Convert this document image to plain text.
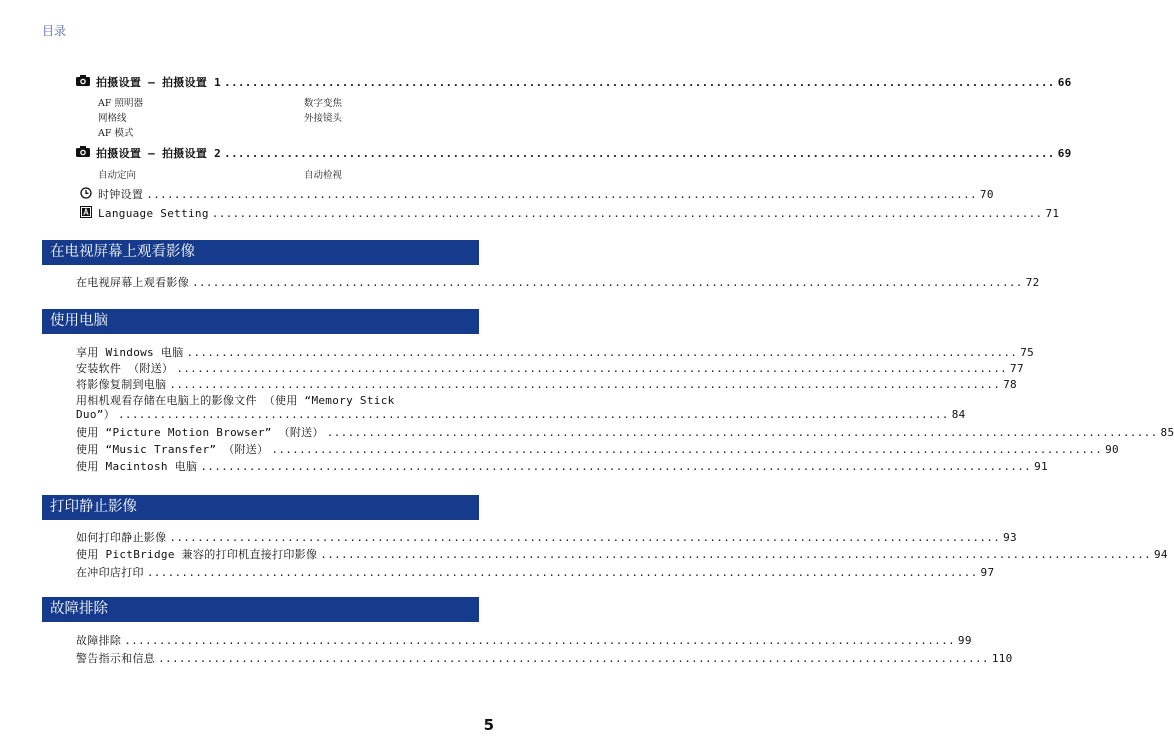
目录
拍摄设置 — 拍摄设置 1 ........................................................................................................................ 66
AF 照明器	数字变焦
网格线	外接镜头
AF 模式
拍摄设置 — 拍摄设置 2 ........................................................................................................................ 69
自动定向	自动检视
时钟设置 ........................................................................................................................ 70
Language Setting ........................................................................................................................ 71
在电视屏幕上观看影像
在电视屏幕上观看影像 ........................................................................................................................ 72
使用电脑
享用 Windows 电脑 ........................................................................................................................ 75
安装软件 （附送） ........................................................................................................................ 77
将影像复制到电脑 ........................................................................................................................ 78
用相机观看存储在电脑上的影像文件 （使用 “Memory Stick
Duo”） ........................................................................................................................ 84
使用 “Picture Motion Browser” （附送） ........................................................................................................................ 85
使用 “Music Transfer” （附送） ........................................................................................................................ 90
使用 Macintosh 电脑 ........................................................................................................................ 91
打印静止影像
如何打印静止影像 ........................................................................................................................ 93
使用 PictBridge 兼容的打印机直接打印影像 ........................................................................................................................ 94
在冲印店打印 ........................................................................................................................ 97
故障排除
故障排除 ........................................................................................................................ 99
警告指示和信息 ........................................................................................................................ 110
5
